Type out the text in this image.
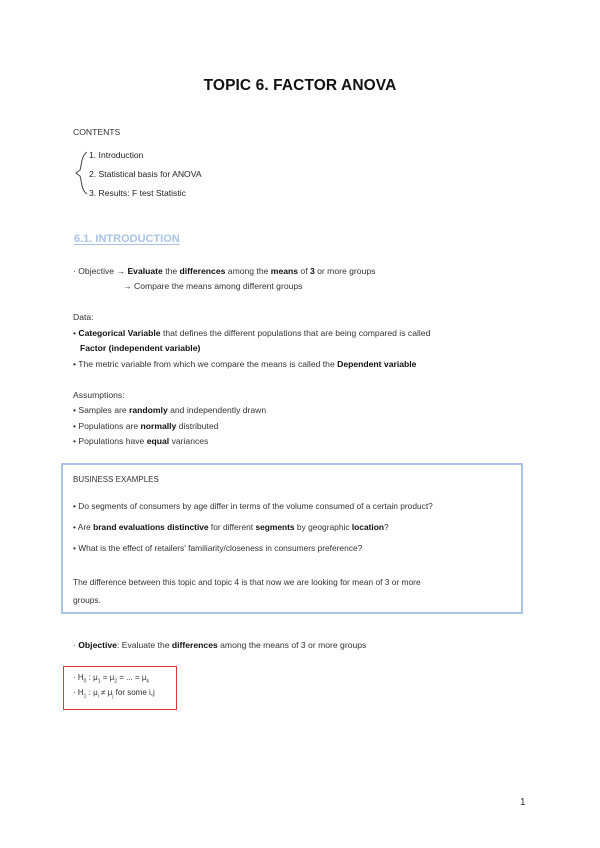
TOPIC 6. FACTOR ANOVA
CONTENTS
1. Introduction
2. Statistical basis for ANOVA
3. Results: F test Statistic
6.1. INTRODUCTION
· Objective → Evaluate the differences among the means of 3 or more groups
→ Compare the means among different groups
Data:
• Categorical Variable that defines the different populations that are being compared is called
Factor (independent variable)
• The metric variable from which we compare the means is called the Dependent variable
Assumptions:
• Samples are randomly and independently drawn
• Populations are normally distributed
• Populations have equal variances
BUSINESS EXAMPLES
• Do segments of consumers by age differ in terms of the volume consumed of a certain product?
• Are brand evaluations distinctive for different segments by geographic location?
• What is the effect of retailers' familiarity/closeness in consumers preference?
The difference between this topic and topic 4 is that now we are looking for mean of 3 or more
groups.
· Objective: Evaluate the differences among the means of 3 or more groups
· $H_0$ : $\mu_1 = \mu_2$ = ... = $\mu_k$
· $H_1$ : $\mu_i \ne \mu_j$ for some i,j
1
